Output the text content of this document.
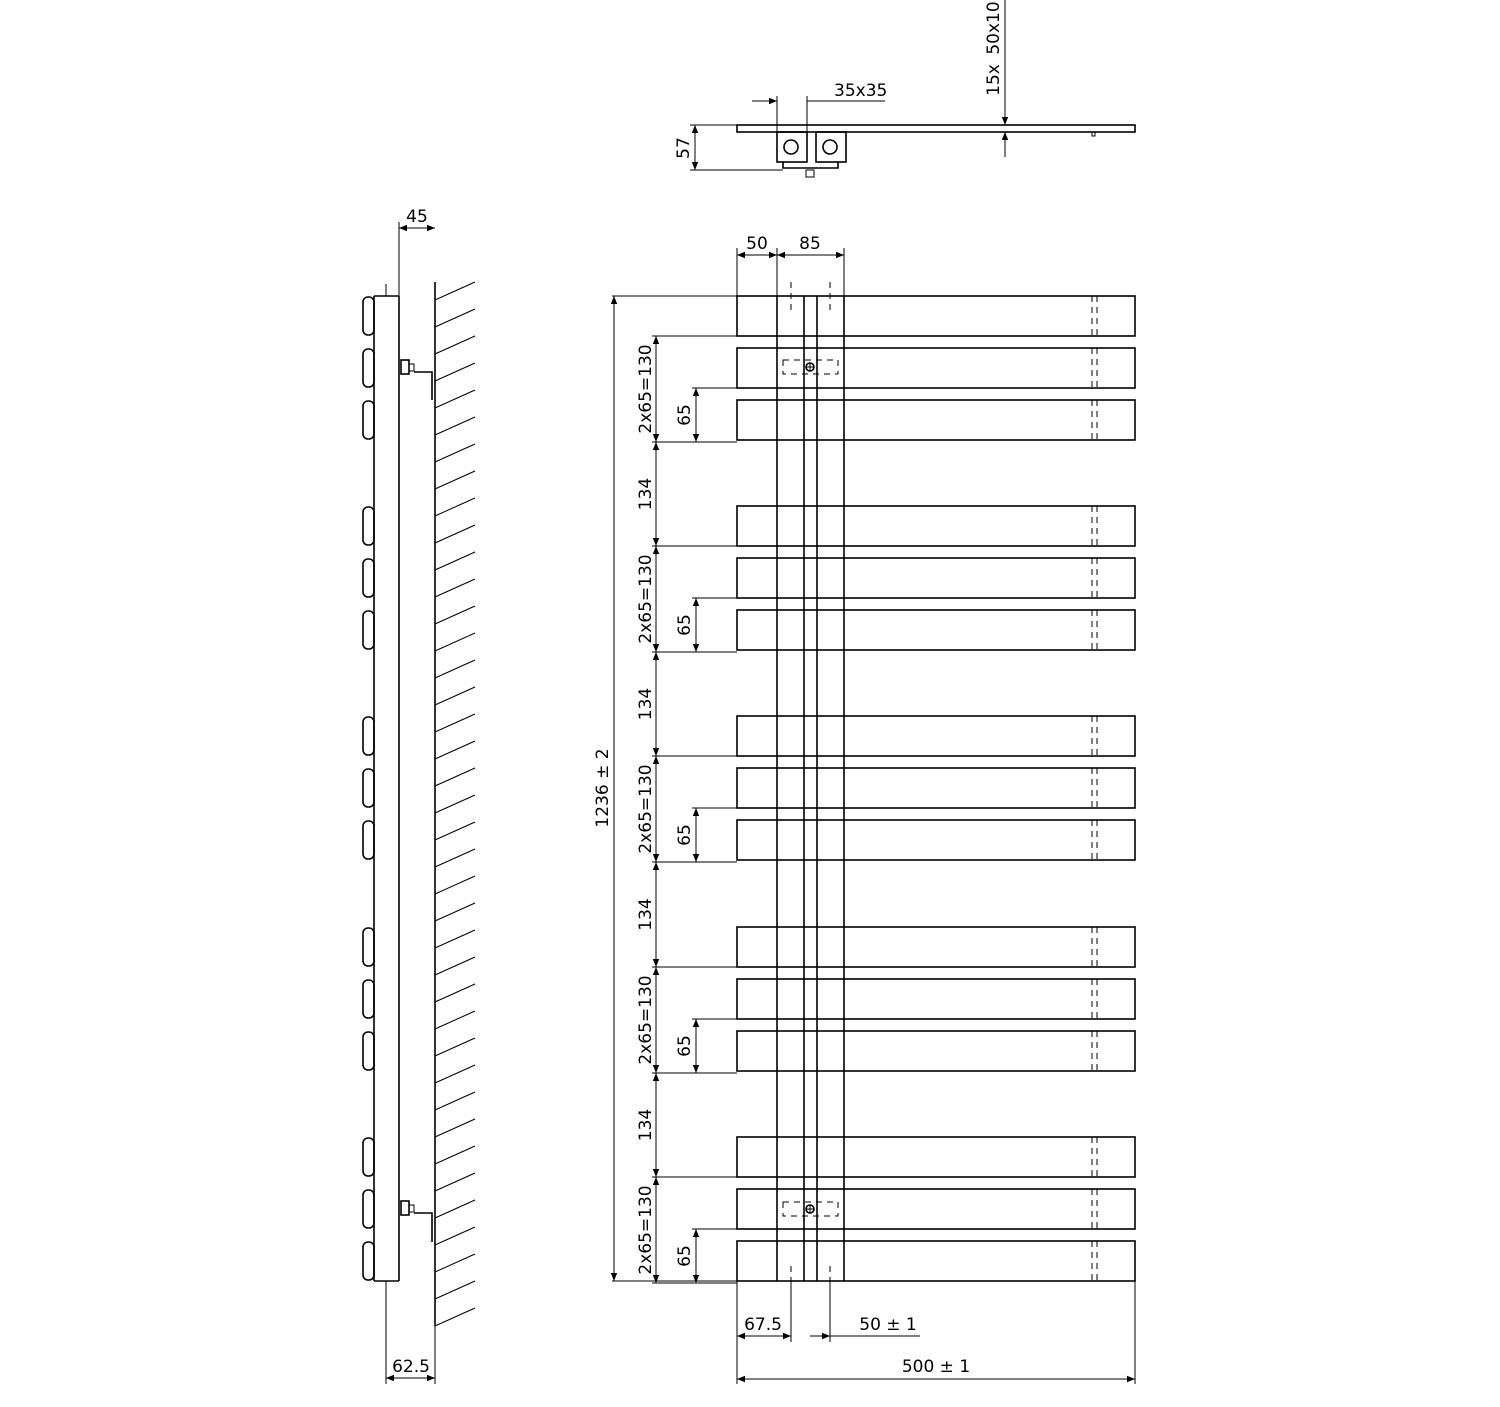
35x35
57
15x
50x10
45
62.5
50 85
1236 ± 2
2x65=130 65
134
2x65=130 65
134
2x65=130 65
134
2x65=130 65
134
2x65=130 65
67.5	50 ± 1
500 ± 1
